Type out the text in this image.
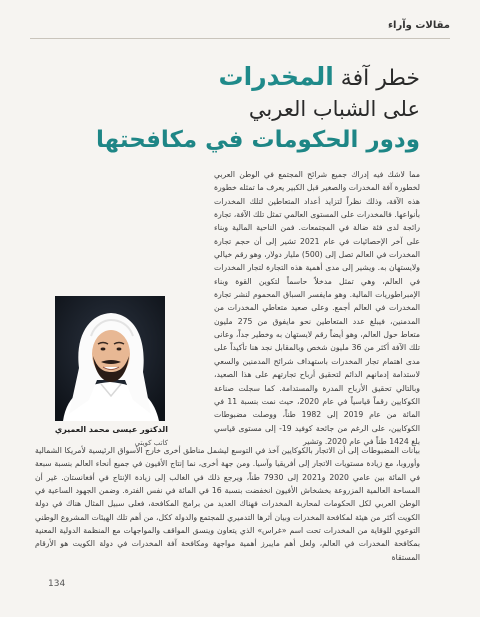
مقالات وآراء
خطر آفة المخدرات
على الشباب العربي
ودور الحكومات في مكافحتها
مما لاشك فيه إدراك جميع شرائح المجتمع في الوطن العربي لخطورة آفة المخدرات والصغير قبل الكبير يعرف ما تمثله خطورة هذه الآفة، وذلك نظراً لتزايد أعداد المتعاطين لتلك المخدرات بأنواعها. فالمخدرات على المستوى العالمي تمثل تلك الآفة، تجارة رائجة لدى فئة ضالة في المجتمعات. فمن الناحية المالية وبناء على آخر الإحصائيات في عام 2021 تشير إلى أن حجم تجارة المخدرات في العالم تصل إلى (500) مليار دولار، وهو رقم خيالي ولايستهان به. ويشير إلى مدى أهمية هذه التجارة لتجار المخدرات في العالم، وهي تمثل مدخلاً حاسماً لتكوين القوة وبناء الإمبراطوريات المالية. وهو مايفسر السباق المحموم لنشر تجارة المخدرات في العالم أجمع. وعلى صعيد متعاطي المخدرات من المدمنين، فيبلغ عدد المتعاطين نحو مايفوق من 275 مليون متعاط حول العالم، وهو أيضاً رقم لايستهان به وخطير جداً، وعانى تلك الآفة أكثر من 36 مليون شخص وبالمقابل نجد هنا تأكيداً على مدى اهتمام تجار المخدرات باستهداف شرائح المدمنين والسعي لاستدامة إدمانهم الدائم لتحقيق أرباح تجارتهم على هذا الصعيد، وبالتالي تحقيق الأرباح المدرة والمستدامة. كما سجلت صناعة الكوكايين رقماً قياسياً في عام 2020، حيث نمت بنسبة 11 في المائة من عام 2019 إلى 1982 طناً، ووصلت مضبوطات الكوكايين، على الرغم من جائحة كوفيد 19- إلى مستوى قياسي بلغ 1424 طناً في عام 2020. وتشير
الدكتور عيسى محمد العميري
كاتب كويتي
بيانات المضبوطات إلى أن الاتجار بالكوكايين آخذ في التوسع ليشمل مناطق أخرى خارج الأسواق الرئيسية لأمريكا الشمالية وأوروبا، مع زيادة مستويات الاتجار إلى أفريقيا وآسيا. ومن جهة أخرى، نما إنتاج الأفيون في جميع أنحاء العالم بنسبة سبعة في المائة بين عامي 2020 و2021 إلى 7930 طناً، ويرجع ذلك في الغالب إلى زيادة الإنتاج في أفغانستان. غير أن المساحة العالمية المزروعة بخشخاش الأفيون انخفضت بنسبة 16 في المائة في نفس الفترة. وضمن الجهود الساعية في الوطن العربي لكل الحكومات لمحاربة المخدرات فهناك العديد من برامج المكافحة، فعلى سبيل المثال هناك في دولة الكويت أكثر من هيئة لمكافحة المخدرات وبيان أثرها التدميري للمجتمع والدولة ككل، من أهم تلك الهيئات المشروع الوطني التوعوي للوقاية من المخدرات تحت اسم «غراس» الذي يتعاون وينسق المواقف والمواجهات مع المنظمة الدولية المعنية بمكافحة المخدرات في العالم، ولعل أهم مايبرز أهمية مواجهة ومكافحة آفة المخدرات في دولة الكويت هو الأرقام المستقاة
134
